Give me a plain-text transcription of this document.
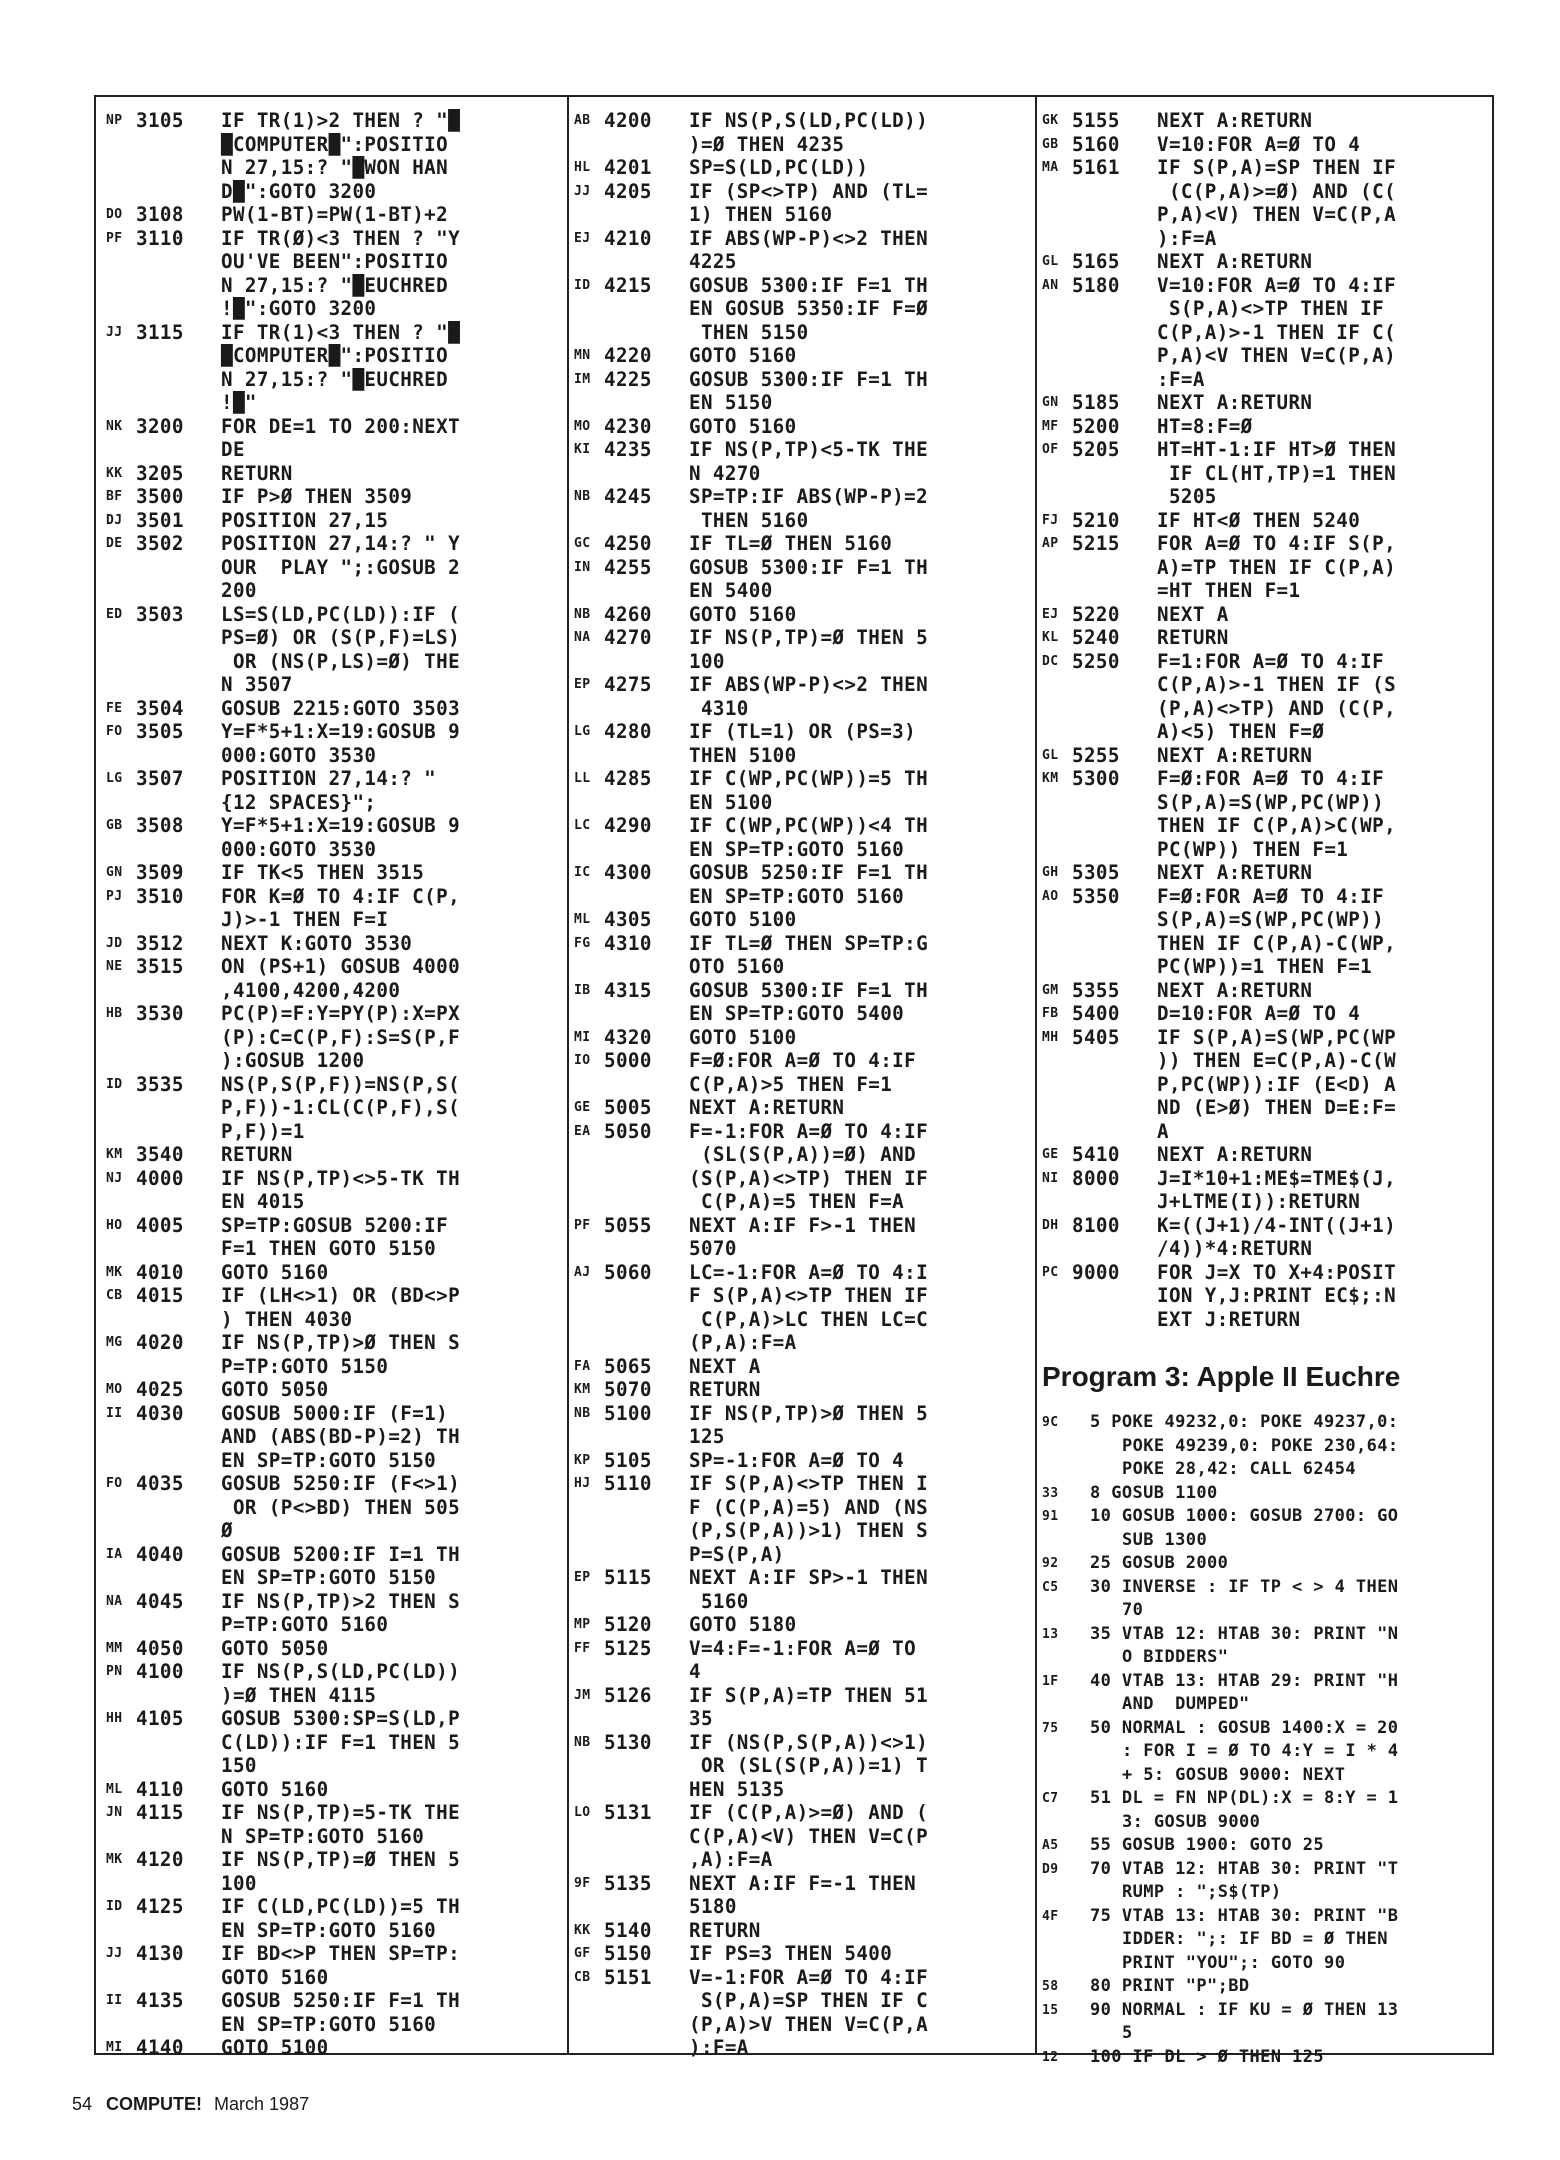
NP 3105 IF TR(1)>2 THEN ? "█

█COMPUTER█":POSITIO
N 27,15:? "█WON HAN
D█":GOTO 3200
DO 3108 PW(1-BT)=PW(1-BT)+2

PF 3110 IF TR(Ø)<3 THEN ? "Y

OU'VE BEEN":POSITIO
N 27,15:? "█EUCHRED
!█":GOTO 3200
JJ 3115 IF TR(1)<3 THEN ? "█

█COMPUTER█":POSITIO
N 27,15:? "█EUCHRED
!█"
NK 3200 FOR DE=1 TO 200:NEXT

DE
KK 3205 RETURN

BF 3500 IF P>Ø THEN 3509

DJ 3501 POSITION 27,15

DE 3502 POSITION 27,14:? " Y

OUR  PLAY ";:GOSUB 2
200
ED 3503 LS=S(LD,PC(LD)):IF (

PS=Ø) OR (S(P,F)=LS)
OR (NS(P,LS)=Ø) THE
N 3507
FE 3504 GOSUB 2215:GOTO 3503

FO 3505 Y=F*5+1:X=19:GOSUB 9

000:GOTO 3530
LG 3507 POSITION 27,14:? "

{12 SPACES}";
GB 3508 Y=F*5+1:X=19:GOSUB 9

000:GOTO 3530
GN 3509 IF TK<5 THEN 3515

PJ 3510 FOR K=Ø TO 4:IF C(P,

J)>-1 THEN F=I
JD 3512 NEXT K:GOTO 3530

NE 3515 ON (PS+1) GOSUB 4000

,4100,4200,4200
HB 3530 PC(P)=F:Y=PY(P):X=PX

(P):C=C(P,F):S=S(P,F
):GOSUB 1200
ID 3535 NS(P,S(P,F))=NS(P,S(

P,F))-1:CL(C(P,F),S(
P,F))=1
KM 3540 RETURN

NJ 4000 IF NS(P,TP)<>5-TK TH

EN 4015
HO 4005 SP=TP:GOSUB 5200:IF

F=1 THEN GOTO 5150
MK 4010 GOTO 5160

CB 4015 IF (LH<>1) OR (BD<>P

) THEN 4030
MG 4020 IF NS(P,TP)>Ø THEN S

P=TP:GOTO 5150
MO 4025 GOTO 5050

II 4030 GOSUB 5000:IF (F=1)

AND (ABS(BD-P)=2) TH
EN SP=TP:GOTO 5150
FO 4035 GOSUB 5250:IF (F<>1)

OR (P<>BD) THEN 505
Ø
IA 4040 GOSUB 5200:IF I=1 TH

EN SP=TP:GOTO 5150
NA 4045 IF NS(P,TP)>2 THEN S

P=TP:GOTO 5160
MM 4050 GOTO 5050

PN 4100 IF NS(P,S(LD,PC(LD))

)=Ø THEN 4115
HH 4105 GOSUB 5300:SP=S(LD,P

C(LD)):IF F=1 THEN 5
150
ML 4110 GOTO 5160

JN 4115 IF NS(P,TP)=5-TK THE

N SP=TP:GOTO 5160
MK 4120 IF NS(P,TP)=Ø THEN 5

100
ID 4125 IF C(LD,PC(LD))=5 TH

EN SP=TP:GOTO 5160
JJ 4130 IF BD<>P THEN SP=TP:

GOTO 5160
II 4135 GOSUB 5250:IF F=1 TH

EN SP=TP:GOTO 5160
MI 4140 GOTO 5100

AB 4200 IF NS(P,S(LD,PC(LD))

)=Ø THEN 4235
HL 4201 SP=S(LD,PC(LD))

JJ 4205 IF (SP<>TP) AND (TL=

1) THEN 5160
EJ 4210 IF ABS(WP-P)<>2 THEN

4225
ID 4215 GOSUB 5300:IF F=1 TH

EN GOSUB 5350:IF F=Ø
THEN 5150
MN 4220 GOTO 5160

IM 4225 GOSUB 5300:IF F=1 TH

EN 5150
MO 4230 GOTO 5160

KI 4235 IF NS(P,TP)<5-TK THE

N 4270
NB 4245 SP=TP:IF ABS(WP-P)=2

THEN 5160
GC 4250 IF TL=Ø THEN 5160

IN 4255 GOSUB 5300:IF F=1 TH

EN 5400
NB 4260 GOTO 5160

NA 4270 IF NS(P,TP)=Ø THEN 5

100
EP 4275 IF ABS(WP-P)<>2 THEN

4310
LG 4280 IF (TL=1) OR (PS=3)

THEN 5100
LL 4285 IF C(WP,PC(WP))=5 TH

EN 5100
LC 4290 IF C(WP,PC(WP))<4 TH

EN SP=TP:GOTO 5160
IC 4300 GOSUB 5250:IF F=1 TH

EN SP=TP:GOTO 5160
ML 4305 GOTO 5100

FG 4310 IF TL=Ø THEN SP=TP:G

OTO 5160
IB 4315 GOSUB 5300:IF F=1 TH

EN SP=TP:GOTO 5400
MI 4320 GOTO 5100

IO 5000 F=Ø:FOR A=Ø TO 4:IF

C(P,A)>5 THEN F=1
GE 5005 NEXT A:RETURN

EA 5050 F=-1:FOR A=Ø TO 4:IF

(SL(S(P,A))=Ø) AND
(S(P,A)<>TP) THEN IF
C(P,A)=5 THEN F=A
PF 5055 NEXT A:IF F>-1 THEN

5070
AJ 5060 LC=-1:FOR A=Ø TO 4:I

F S(P,A)<>TP THEN IF
C(P,A)>LC THEN LC=C
(P,A):F=A
FA 5065 NEXT A

KM 5070 RETURN

NB 5100 IF NS(P,TP)>Ø THEN 5

125
KP 5105 SP=-1:FOR A=Ø TO 4

HJ 5110 IF S(P,A)<>TP THEN I

F (C(P,A)=5) AND (NS
(P,S(P,A))>1) THEN S
P=S(P,A)
EP 5115 NEXT A:IF SP>-1 THEN

5160
MP 5120 GOTO 5180

FF 5125 V=4:F=-1:FOR A=Ø TO

4
JM 5126 IF S(P,A)=TP THEN 51

35
NB 5130 IF (NS(P,S(P,A))<>1)

OR (SL(S(P,A))=1) T
HEN 5135
LO 5131 IF (C(P,A)>=Ø) AND (

C(P,A)<V) THEN V=C(P
,A):F=A
9F 5135 NEXT A:IF F=-1 THEN

5180
KK 5140 RETURN

GF 5150 IF PS=3 THEN 5400

CB 5151 V=-1:FOR A=Ø TO 4:IF

S(P,A)=SP THEN IF C
(P,A)>V THEN V=C(P,A
):F=A
GK 5155 NEXT A:RETURN

GB 5160 V=10:FOR A=Ø TO 4

MA 5161 IF S(P,A)=SP THEN IF

(C(P,A)>=Ø) AND (C(
P,A)<V) THEN V=C(P,A
):F=A
GL 5165 NEXT A:RETURN

AN 5180 V=10:FOR A=Ø TO 4:IF

S(P,A)<>TP THEN IF
C(P,A)>-1 THEN IF C(
P,A)<V THEN V=C(P,A)
:F=A
GN 5185 NEXT A:RETURN

MF 5200 HT=8:F=Ø

OF 5205 HT=HT-1:IF HT>Ø THEN

IF CL(HT,TP)=1 THEN
5205
FJ 5210 IF HT<Ø THEN 5240

AP 5215 FOR A=Ø TO 4:IF S(P,

A)=TP THEN IF C(P,A)
=HT THEN F=1
EJ 5220 NEXT A

KL 5240 RETURN

DC 5250 F=1:FOR A=Ø TO 4:IF

C(P,A)>-1 THEN IF (S
(P,A)<>TP) AND (C(P,
A)<5) THEN F=Ø
GL 5255 NEXT A:RETURN

KM 5300 F=Ø:FOR A=Ø TO 4:IF

S(P,A)=S(WP,PC(WP))
THEN IF C(P,A)>C(WP,
PC(WP)) THEN F=1
GH 5305 NEXT A:RETURN

AO 5350 F=Ø:FOR A=Ø TO 4:IF

S(P,A)=S(WP,PC(WP))
THEN IF C(P,A)-C(WP,
PC(WP))=1 THEN F=1
GM 5355 NEXT A:RETURN

FB 5400 D=10:FOR A=Ø TO 4

MH 5405 IF S(P,A)=S(WP,PC(WP

)) THEN E=C(P,A)-C(W
P,PC(WP)):IF (E<D) A
ND (E>Ø) THEN D=E:F=
A
GE 5410 NEXT A:RETURN

NI 8000 J=I*10+1:ME$=TME$(J,

J+LTME(I)):RETURN
DH 8100 K=((J+1)/4-INT((J+1)

/4))*4:RETURN
PC 9000 FOR J=X TO X+4:POSIT

ION Y,J:PRINT EC$;:N
EXT J:RETURN
Program 3: Apple II Euchre
9C 5 POKE 49232,0: POKE 49237,0:

POKE 49239,0: POKE 230,64:
POKE 28,42: CALL 62454
33 8 GOSUB 1100

91 10 GOSUB 1000: GOSUB 2700: GO

SUB 1300
92 25 GOSUB 2000

C5 30 INVERSE : IF TP < > 4 THEN

70
13 35 VTAB 12: HTAB 30: PRINT "N

O BIDDERS"
1F 40 VTAB 13: HTAB 29: PRINT "H

AND  DUMPED"
75 50 NORMAL : GOSUB 1400:X = 20

: FOR I = Ø TO 4:Y = I * 4
+ 5: GOSUB 9000: NEXT
C7 51 DL = FN NP(DL):X = 8:Y = 1

3: GOSUB 9000
A5 55 GOSUB 1900: GOTO 25

D9 70 VTAB 12: HTAB 30: PRINT "T

RUMP : ";S$(TP)
4F 75 VTAB 13: HTAB 30: PRINT "B

IDDER: ";: IF BD = Ø THEN
PRINT "YOU";: GOTO 90
58 80 PRINT "P";BD

15 90 NORMAL : IF KU = Ø THEN 13

5
12 100 IF DL > Ø THEN 125

54 COMPUTE! March 1987
